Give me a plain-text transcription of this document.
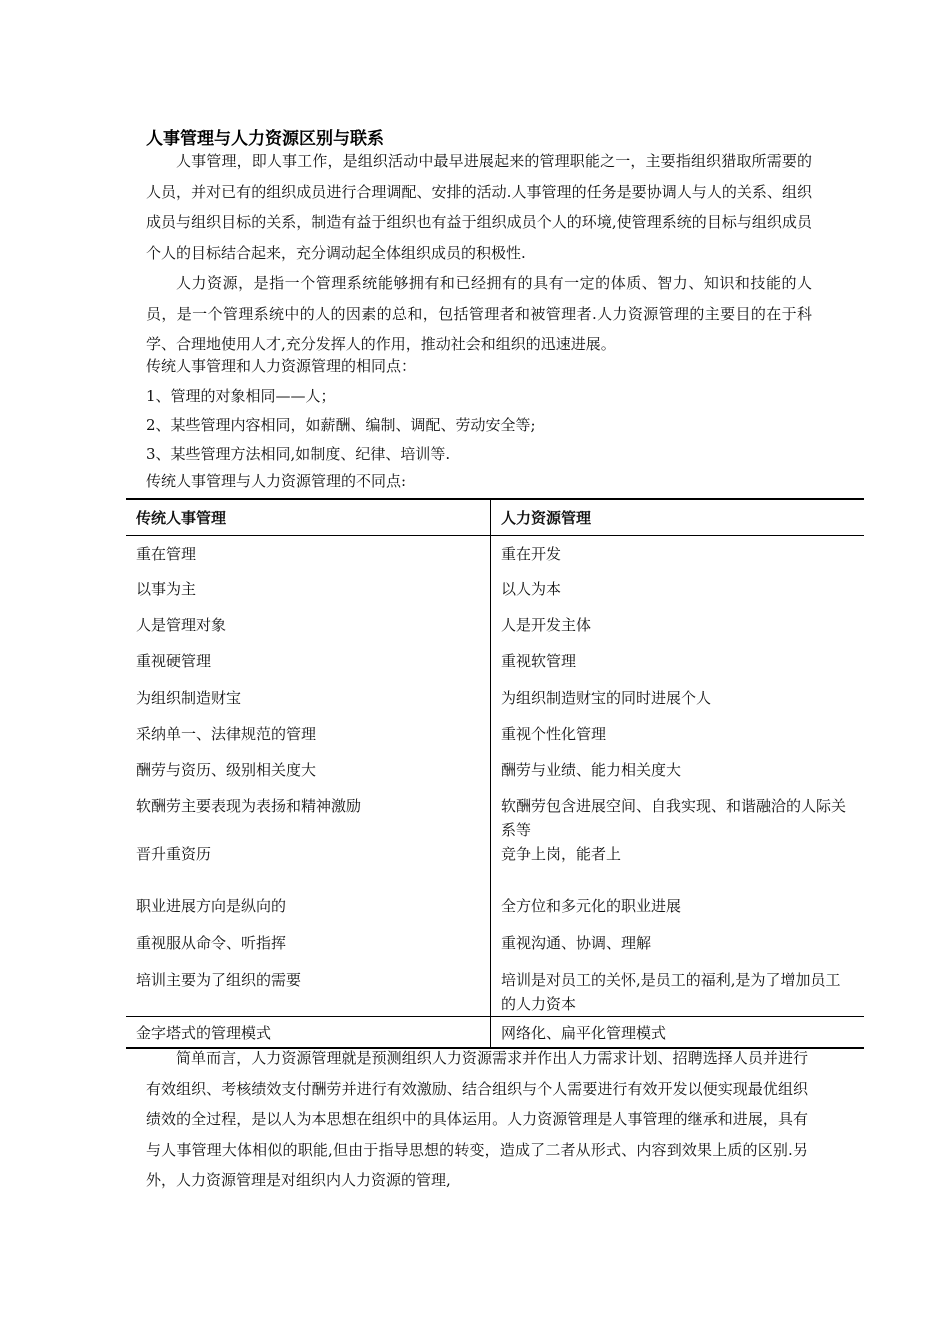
人事管理与人力资源区别与联系

人事管理，即人事工作，是组织活动中最早进展起来的管理职能之一，主要指组织猎取所需要的人员，并对已有的组织成员进行合理调配、安排的活动.人事管理的任务是要协调人与人的关系、组织成员与组织目标的关系，制造有益于组织也有益于组织成员个人的环境,使管理系统的目标与组织成员个人的目标结合起来，充分调动起全体组织成员的积极性.

人力资源，是指一个管理系统能够拥有和已经拥有的具有一定的体质、智力、知识和技能的人员，是一个管理系统中的人的因素的总和，包括管理者和被管理者.人力资源管理的主要目的在于科学、合理地使用人才,充分发挥人的作用，推动社会和组织的迅速进展。

传统人事管理和人力资源管理的相同点：
1、管理的对象相同——人；
2、某些管理内容相同，如薪酬、编制、调配、劳动安全等;
3、某些管理方法相同,如制度、纪律、培训等.
传统人事管理与人力资源管理的不同点:
传统人事管理	人力资源管理
重在管理	重在开发
以事为主	以人为本
人是管理对象	人是开发主体
重视硬管理	重视软管理
为组织制造财宝	为组织制造财宝的同时进展个人
采纳单一、法律规范的管理	重视个性化管理
酬劳与资历、级别相关度大	酬劳与业绩、能力相关度大
软酬劳主要表现为表扬和精神激励	软酬劳包含进展空间、自我实现、和谐融洽的人际关系等
晋升重资历	竞争上岗，能者上
职业进展方向是纵向的	全方位和多元化的职业进展
重视服从命令、听指挥	重视沟通、协调、理解
培训主要为了组织的需要	培训是对员工的关怀,是员工的福利,是为了增加员工的人力资本
金字塔式的管理模式	网络化、扁平化管理模式
简单而言，人力资源管理就是预测组织人力资源需求并作出人力需求计划、招聘选择人员并进行有效组织、考核绩效支付酬劳并进行有效激励、结合组织与个人需要进行有效开发以便实现最优组织绩效的全过程，是以人为本思想在组织中的具体运用。人力资源管理是人事管理的继承和进展，具有与人事管理大体相似的职能,但由于指导思想的转变，造成了二者从形式、内容到效果上质的区别.另外，人力资源管理是对组织内人力资源的管理,
